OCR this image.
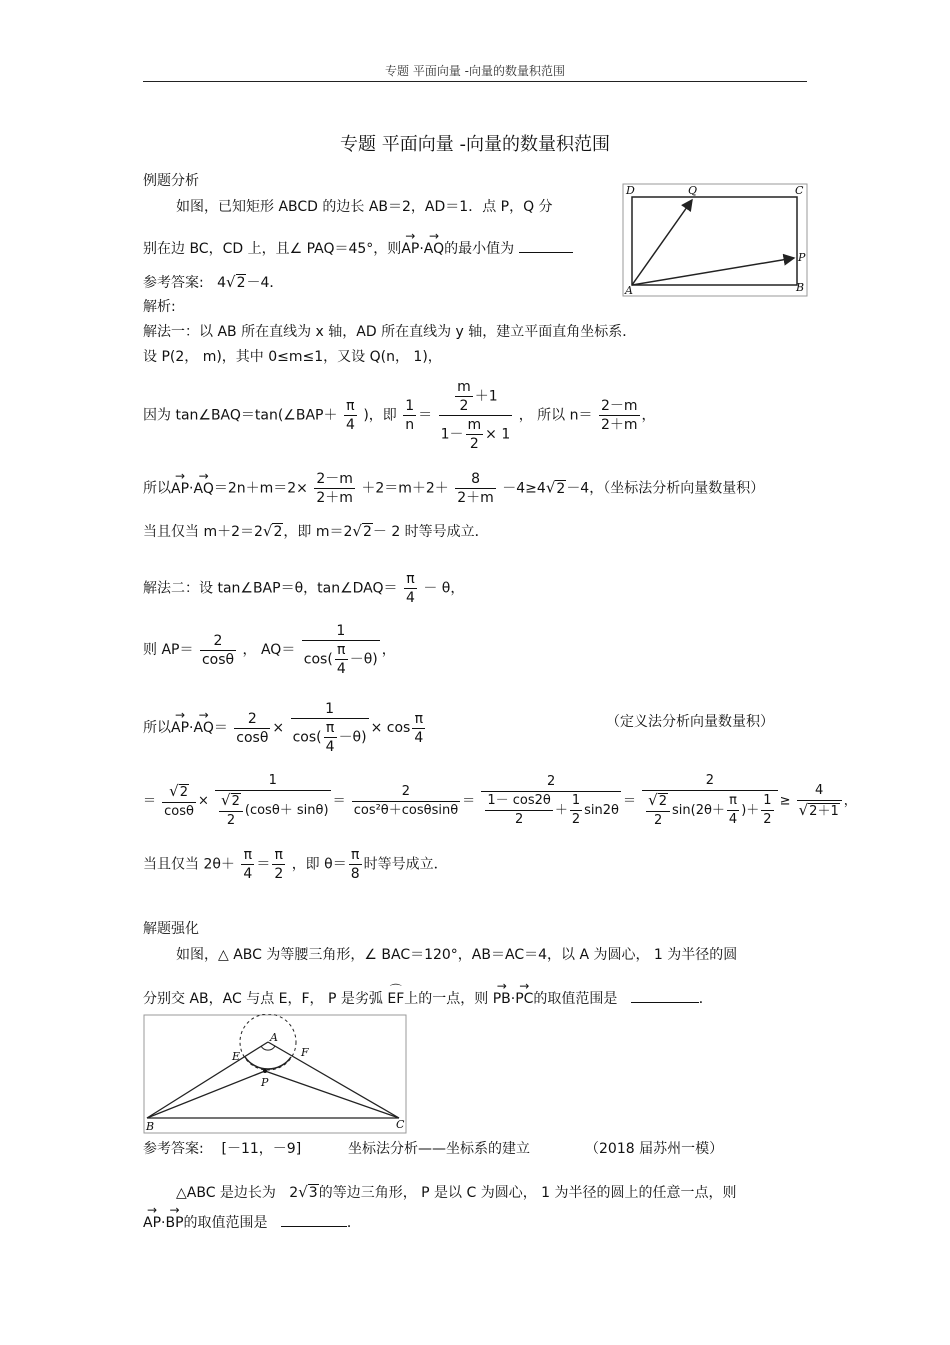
专题 平面向量 -向量的数量积范围
专题 平面向量 -向量的数量积范围
例题分析
如图，已知矩形 ABCD 的边长 AB＝2，AD＝1．点 P，Q 分
别在边 BC，CD 上，且∠ PAQ＝45°，则→ AP·→ AQ的最小值为
参考答案: 4√2－4．
解析:
D	Q	C
P
A	B
解法一：以 AB 所在直线为 x 轴，AD 所在直线为 y 轴，建立平面直角坐标系．
设 P(2， m)，其中 0≤m≤1，又设 Q(n， 1)，
因为 tan∠BAQ＝tan(∠BAP＋ $\frac{\pi}{4}$ )，即 $\frac{1}{n} = \frac{\frac{m}{2} +1}{1- \frac{m}{2} \times 1}$ ， 所以 $n= \frac{2-m}{2+m}$ ，
所以→ $AP\cdot\to AQ=2n+m=2\times \frac{2-m}{2+m} +2=m+2+ \frac{8}{2+m} -4\ge 4√2-4$，（坐标法分析向量数量积）
当且仅当 m＋2＝2√2，即 m＝2√2－ 2 时等号成立．
解法二：设 tan∠BAP＝θ，tan∠DAQ＝ $\frac{\pi}{4} - \theta$，
则 $AP= \frac{2}{\cos\theta}$ ， $AQ= \frac{1}{\cos( \frac{\pi}{4} -\theta)}$ ，
所以→ $AP\cdot\to AQ= \frac{2}{\cos\theta} \times \frac{1}{\cos( \frac{\pi}{4} -\theta)} \times \cos \frac{\pi}{4}$	（定义法分析向量数量积）
＝ $\frac{√2}{\cos\theta} \times \frac{1}{\frac{√2}{2} (\cos\theta+ \sin\theta)} = \frac{2}{\text{cos²θ＋cosθsinθ}} = \frac{2}{\frac{1- \cos 2\theta}{2} + \frac{1}{2} \sin 2\theta} = \frac{2}{\frac{√2}{2} \sin(2\theta+ \frac{\pi}{4} )+ \frac{1}{2}} \ge \frac{4}{√2+1}$ ，
当且仅当 $2\theta+ \frac{\pi}{4} = \frac{\pi}{2}$ ，即 $\theta= \frac{\pi}{8}$ 时等号成立．
解题强化
如图，△ ABC 为等腰三角形，∠ BAC＝120°，AB＝AC＝4，以 A 为圆心， 1 为半径的圆
分别交 AB，AC 与点 E，F， P 是劣弧 ⌒ EF上的一点，则 → PB·→ PC的取值范围是	．
A
E	F
P
B	C
参考答案: [－11，－9]	坐标法分析——坐标系的建立	（2018 届苏州一模）
△ABC 是边长为 2√3的等边三角形， P 是以 C 为圆心， 1 为半径的圆上的任意一点，则
→ AP·→ BP的取值范围是	．
